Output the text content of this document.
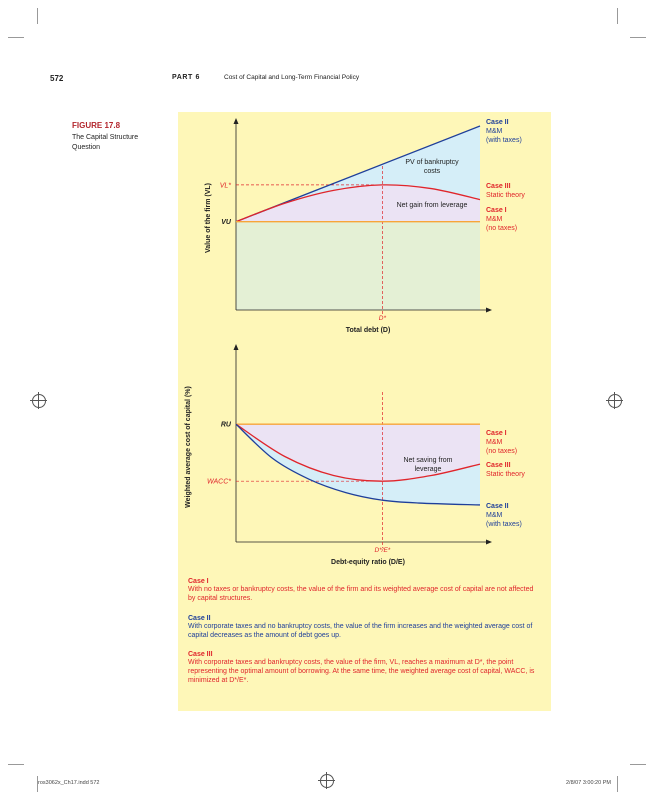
572	PART 6	Cost of Capital and Long-Term Financial Policy
FIGURE 17.8
The Capital Structure Question
D*
VL*
VU
Case II
M&M
(with taxes)
Case III
Static theory
Case I
M&M
(no taxes)
PV of bankruptcy
costs
Net gain from leverage
Total debt (D)
Value of the firm (VL)
D*/E*
RU
WACC*
Case I
M&M
(no taxes)
Case III
Static theory
Case II
M&M
(with taxes)
Net saving from
leverage
Debt-equity ratio (D/E)
Weighted average cost of capital (%)
Case I
With no taxes or bankruptcy costs, the value of the firm and its weighted average cost of capital are not affected by capital structures.
Case II
With corporate taxes and no bankruptcy costs, the value of the firm increases and the weighted average cost of capital decreases as the amount of debt goes up.
Case III
With corporate taxes and bankruptcy costs, the value of the firm, VL, reaches a maximum at D*, the point representing the optimal amount of borrowing. At the same time, the weighted average cost of capital, WACC, is minimized at D*/E*.
ros3062x_Ch17.indd 572	2/8/07 3:00:20 PM
